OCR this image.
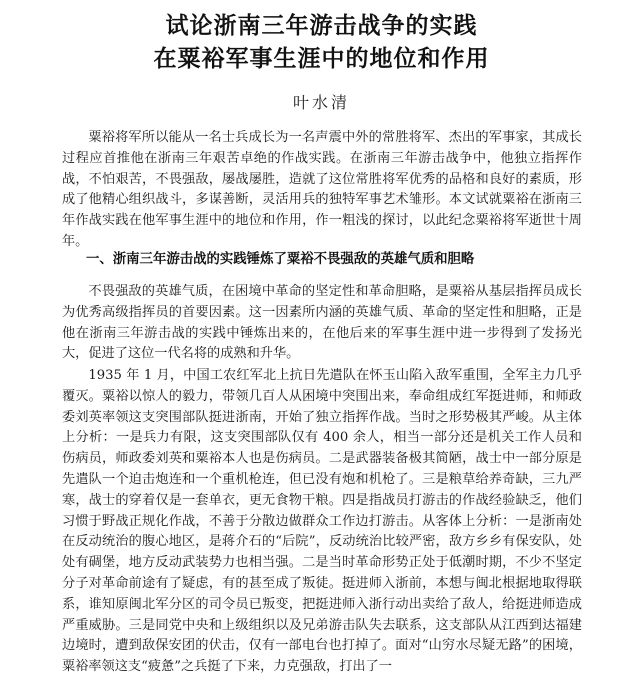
试论浙南三年游击战争的实践
在粟裕军事生涯中的地位和作用
叶水清

粟裕将军所以能从一名士兵成长为一名声震中外的常胜将军、杰出的军事家，其成长过程应首推他在浙南三年艰苦卓绝的作战实践。在浙南三年游击战争中，他独立指挥作战，不怕艰苦，不畏强敌，屡战屡胜，造就了这位常胜将军优秀的品格和良好的素质，形成了他精心组织战斗，多谋善断，灵活用兵的独特军事艺术雏形。本文试就粟裕在浙南三年作战实践在他军事生涯中的地位和作用，作一粗浅的探讨，以此纪念粟裕将军逝世十周年。

一、浙南三年游击战的实践锤炼了粟裕不畏强敌的英雄气质和胆略

不畏强敌的英雄气质，在困境中革命的坚定性和革命胆略，是粟裕从基层指挥员成长为优秀高级指挥员的首要因素。这一因素所内涵的英雄气质、革命的坚定性和胆略，正是他在浙南三年游击战的实践中锤炼出来的，在他后来的军事生涯中进一步得到了发扬光大，促进了这位一代名将的成熟和升华。

1935 年 1 月，中国工农红军北上抗日先遣队在怀玉山陷入敌军重围，全军主力几乎覆灭。粟裕以惊人的毅力，带领几百人从困境中突围出来，奉命组成红军挺进师，和师政委刘英率领这支突围部队挺进浙南，开始了独立指挥作战。当时之形势极其严峻。从主体上分析：一是兵力有限，这支突围部队仅有 400 余人，相当一部分还是机关工作人员和伤病员，师政委刘英和粟裕本人也是伤病员。二是武器装备极其简陋，战士中一部分原是先遣队一个迫击炮连和一个重机枪连，但已没有炮和机枪了。三是粮草给养奇缺，三九严寒，战士的穿着仅是一套单衣，更无食物干粮。四是指战员打游击的作战经验缺乏，他们习惯于野战正规化作战，不善于分散边做群众工作边打游击。从客体上分析：一是浙南处在反动统治的腹心地区，是蒋介石的“后院”，反动统治比较严密，敌方乡乡有保安队，处处有碉堡，地方反动武装势力也相当强。二是当时革命形势正处于低潮时期，不少不坚定分子对革命前途有了疑虑，有的甚至成了叛徒。挺进师入浙前，本想与闽北根据地取得联系，谁知原闽北军分区的司令员已叛变，把挺进师入浙行动出卖给了敌人，给挺进师造成严重威胁。三是同党中央和上级组织以及兄弟游击队失去联系，这支部队从江西到达福建边境时，遭到敌保安团的伏击，仅有一部电台也打掉了。面对“山穷水尽疑无路”的困境，粟裕率领这支“疲惫”之兵挺了下来，力克强敌，打出了一
